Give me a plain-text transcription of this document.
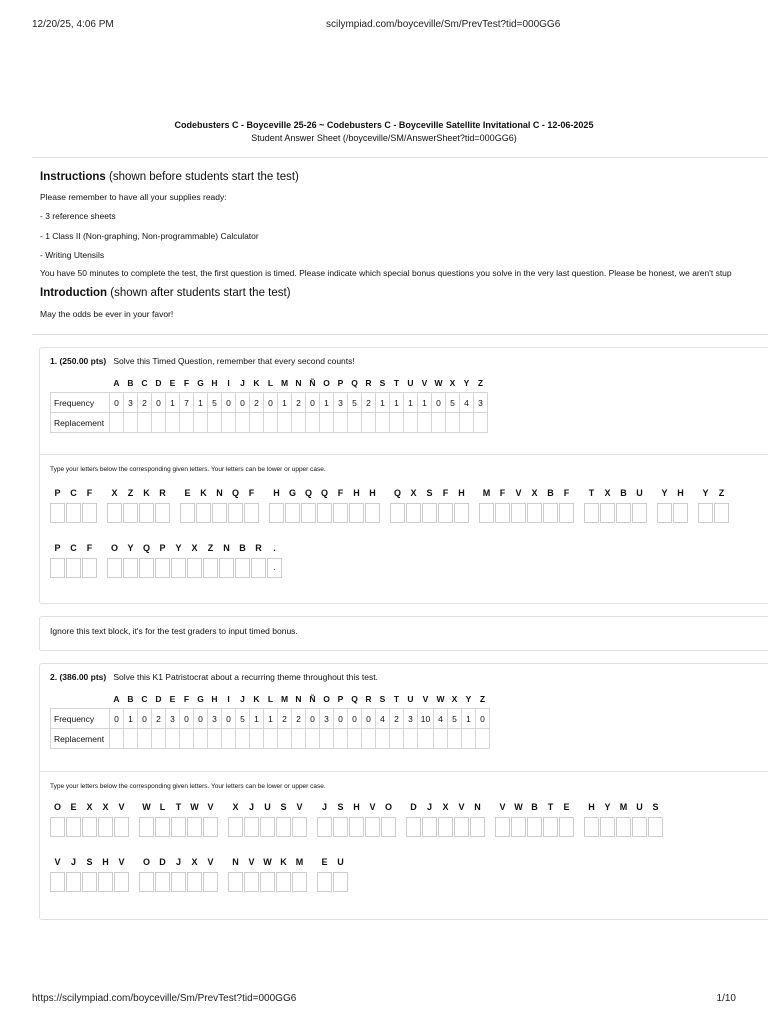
12/20/25, 4:06 PM	scilympiad.com/boyceville/Sm/PrevTest?tid=000GG6
Codebusters C - Boyceville 25-26 ~ Codebusters C - Boyceville Satellite Invitational C - 12-06-2025
Student Answer Sheet (/boyceville/SM/AnswerSheet?tid=000GG6)
Instructions (shown before students start the test)
Please remember to have all your supplies ready:
- 3 reference sheets
- 1 Class II (Non-graphing, Non-programmable) Calculator
- Writing Utensils
You have 50 minutes to complete the test, the first question is timed. Please indicate which special bonus questions you solve in the very last question. Please be honest, we aren't stup
Introduction (shown after students start the test)
May the odds be ever in your favor!
1. (250.00 pts) Solve this Timed Question, remember that every second counts!
	A	B	C	D	E	F	G	H	I	J	K	L	M	N	Ñ	O	P	Q	R	S	T	U	V	W	X	Y	Z
Frequency	0	3	2	0	1	7	1	5	0	0	2	0	1	2	0	1	3	5	2	1	1	1	1	0	5	4	3
Replacement																											
Type your letters below the corresponding given letters. Your letters can be lower or upper case.
P	C	F	X	Z	K	R	E	K	N	Q	F	H	G Q Q	F	H	H	Q	X	S	F	H	M	F	V	X	B	F	T	X	B	U	Y	H	Y	Z
P	C	F	O	Y	Q	P	Y	X	Z	N	B	R	.
.
Ignore this text block, it's for the test graders to input timed bonus.
2. (386.00 pts) Solve this K1 Patristocrat about a recurring theme throughout this test.
	A	B	C	D	E	F	G	H	I	J	K	L	M	N	Ñ	O	P	Q	R	S	T	U	V	W	X	Y	Z
Frequency	0	1	0	2	3	0	0	3	0	5	1	1	2	2	0	3	0	0	0	4	2	3	10	4	5	1	0
Replacement																											
Type your letters below the corresponding given letters. Your letters can be lower or upper case.
O	E	X	X	V	W	L	T	W V	X	J	U	S	V	J	S	H	V	O	D	J	X	V	N	V W B	T	E	H	Y	M	U	S
V	J	S	H	V	O	D	J	X	V	N	V W K	M	E	U
https://scilympiad.com/boyceville/Sm/PrevTest?tid=000GG6	1/10
